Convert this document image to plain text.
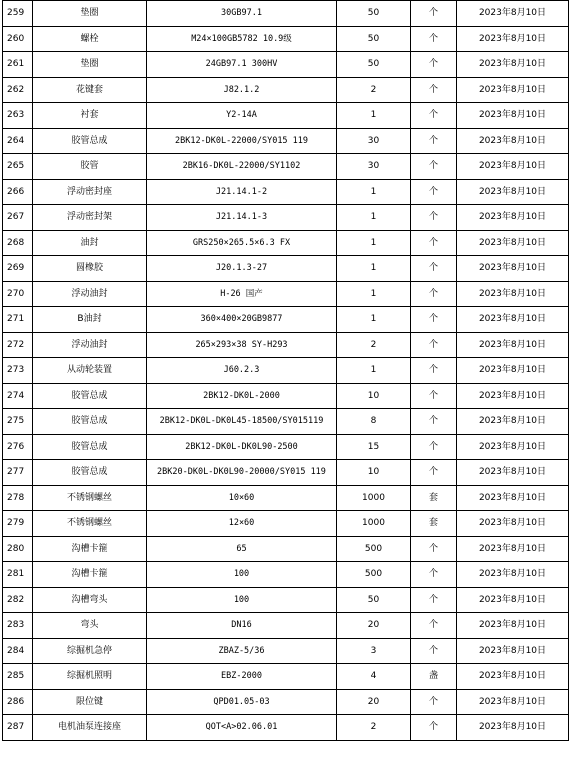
259	垫圈	30GB97.1	50	个	2023年8月10日
260	螺栓	M24×100GB5782 10.9级	50	个	2023年8月10日
261	垫圈	24GB97.1 300HV	50	个	2023年8月10日
262	花键套	J82.1.2	2	个	2023年8月10日
263	衬套	Y2-14A	1	个	2023年8月10日
264	胶管总成	2BK12-DK0L-22000/SY015 119	30	个	2023年8月10日
265	胶管	2BK16-DK0L-22000/SY1102	30	个	2023年8月10日
266	浮动密封座	J21.14.1-2	1	个	2023年8月10日
267	浮动密封架	J21.14.1-3	1	个	2023年8月10日
268	油封	GRS250×265.5×6.3 FX	1	个	2023年8月10日
269	圆橡胶	J20.1.3-27	1	个	2023年8月10日
270	浮动油封	H-26 国产	1	个	2023年8月10日
271	B油封	360×400×20GB9877	1	个	2023年8月10日
272	浮动油封	265×293×38 SY-H293	2	个	2023年8月10日
273	从动轮装置	J60.2.3	1	个	2023年8月10日
274	胶管总成	2BK12-DK0L-2000	10	个	2023年8月10日
275	胶管总成	2BK12-DK0L-DK0L45-18500/SY015119	8	个	2023年8月10日
276	胶管总成	2BK12-DK0L-DK0L90-2500	15	个	2023年8月10日
277	胶管总成	2BK20-DK0L-DK0L90-20000/SY015 119	10	个	2023年8月10日
278	不锈钢螺丝	10×60	1000	套	2023年8月10日
279	不锈钢螺丝	12×60	1000	套	2023年8月10日
280	沟槽卡箍	65	500	个	2023年8月10日
281	沟槽卡箍	100	500	个	2023年8月10日
282	沟槽弯头	100	50	个	2023年8月10日
283	弯头	DN16	20	个	2023年8月10日
284	综掘机急停	ZBAZ-5/36	3	个	2023年8月10日
285	综掘机照明	EBZ-2000	4	盏	2023年8月10日
286	限位键	QPD01.05-03	20	个	2023年8月10日
287	电机油泵连接座	QOT<A>02.06.01	2	个	2023年8月10日
